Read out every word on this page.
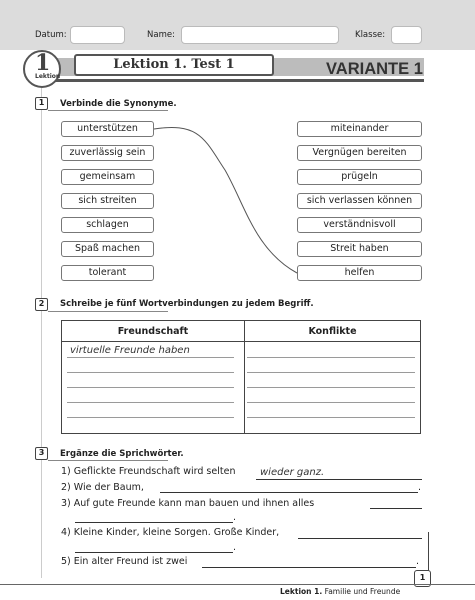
Datum:	Name:	Klasse:
Lektion 1. Test 1	VARIANTE 1
1
Lektion
1	Verbinde die Synonyme.
unterstützen
zuverlässig sein
gemeinsam
sich streiten
schlagen
Spaß machen
tolerant
miteinander
Vergnügen bereiten
prügeln
sich verlassen können
verständnisvoll
Streit haben
helfen
2	Schreibe je fünf Wortverbindungen zu jedem Begriff.
Freundschaft	Konflikte

virtuelle Freunde haben
3	Ergänze die Sprichwörter.
1) Geflickte Freundschaft wird selten wieder ganz.
2) Wie der Baum,	.
3) Auf gute Freunde kann man bauen und ihnen alles
.
4) Kleine Kinder, kleine Sorgen. Große Kinder,
.
5) Ein alter Freund ist zwei	.
1
Lektion 1. Familie und Freunde
